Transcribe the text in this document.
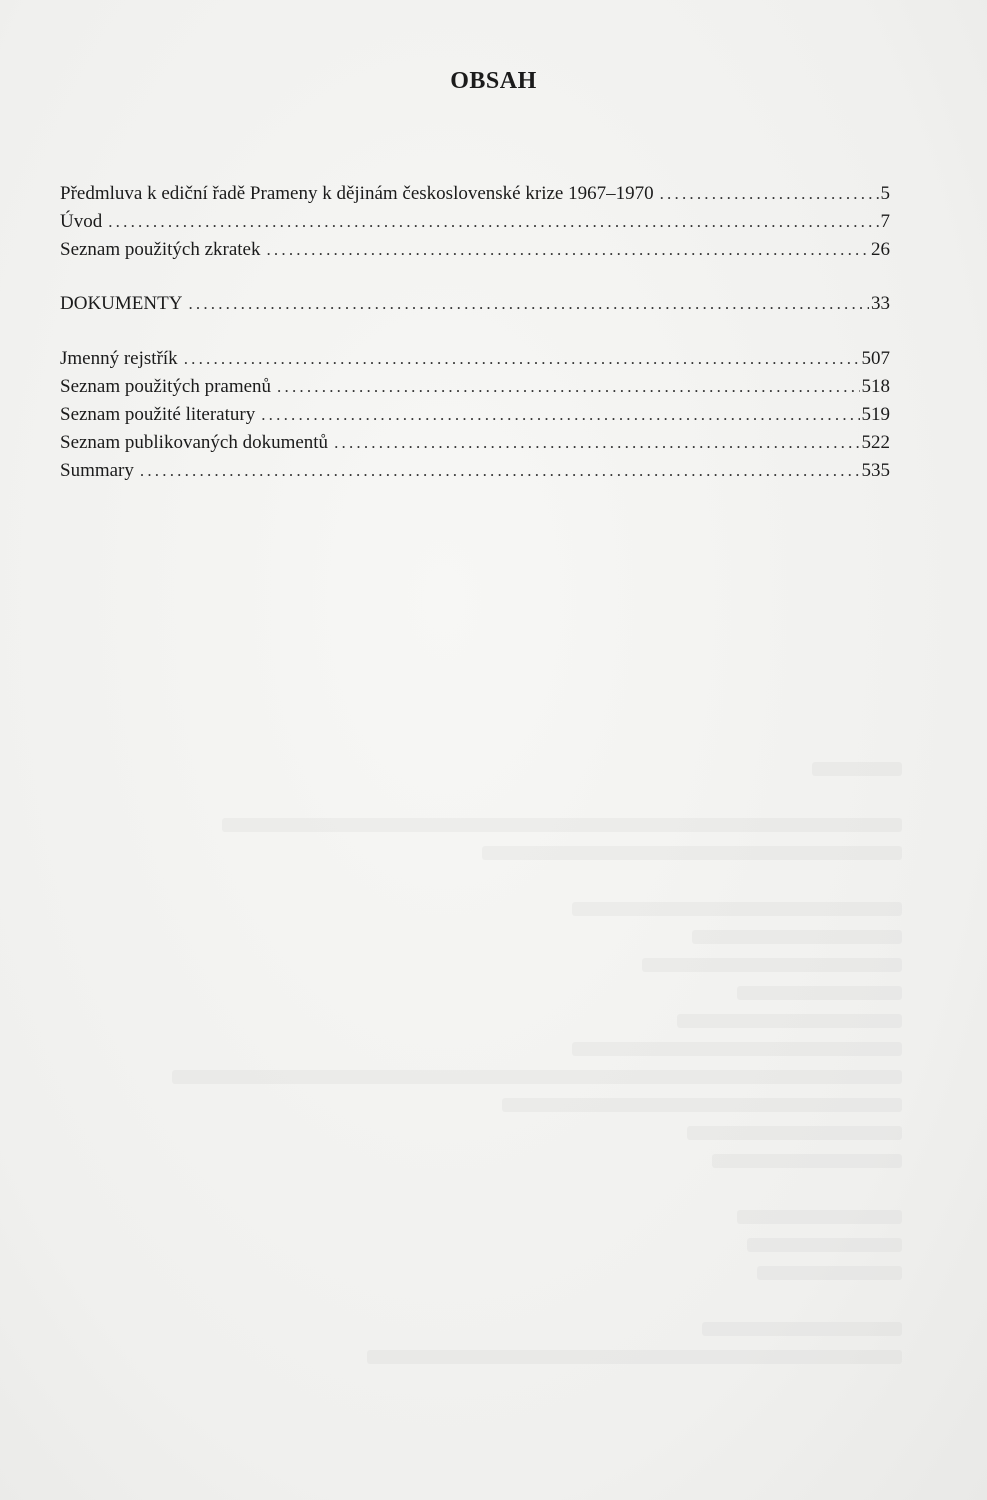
OBSAH
Předmluva k ediční řadě Prameny k dějinám československé krize 1967–1970 .....	5
Úvod .....	7
Seznam použitých zkratek .....	26
DOKUMENTY .....	33
Jmenný rejstřík .....	507
Seznam použitých pramenů .....	518
Seznam použité literatury .....	519
Seznam publikovaných dokumentů .....	522
Summary .....	535
